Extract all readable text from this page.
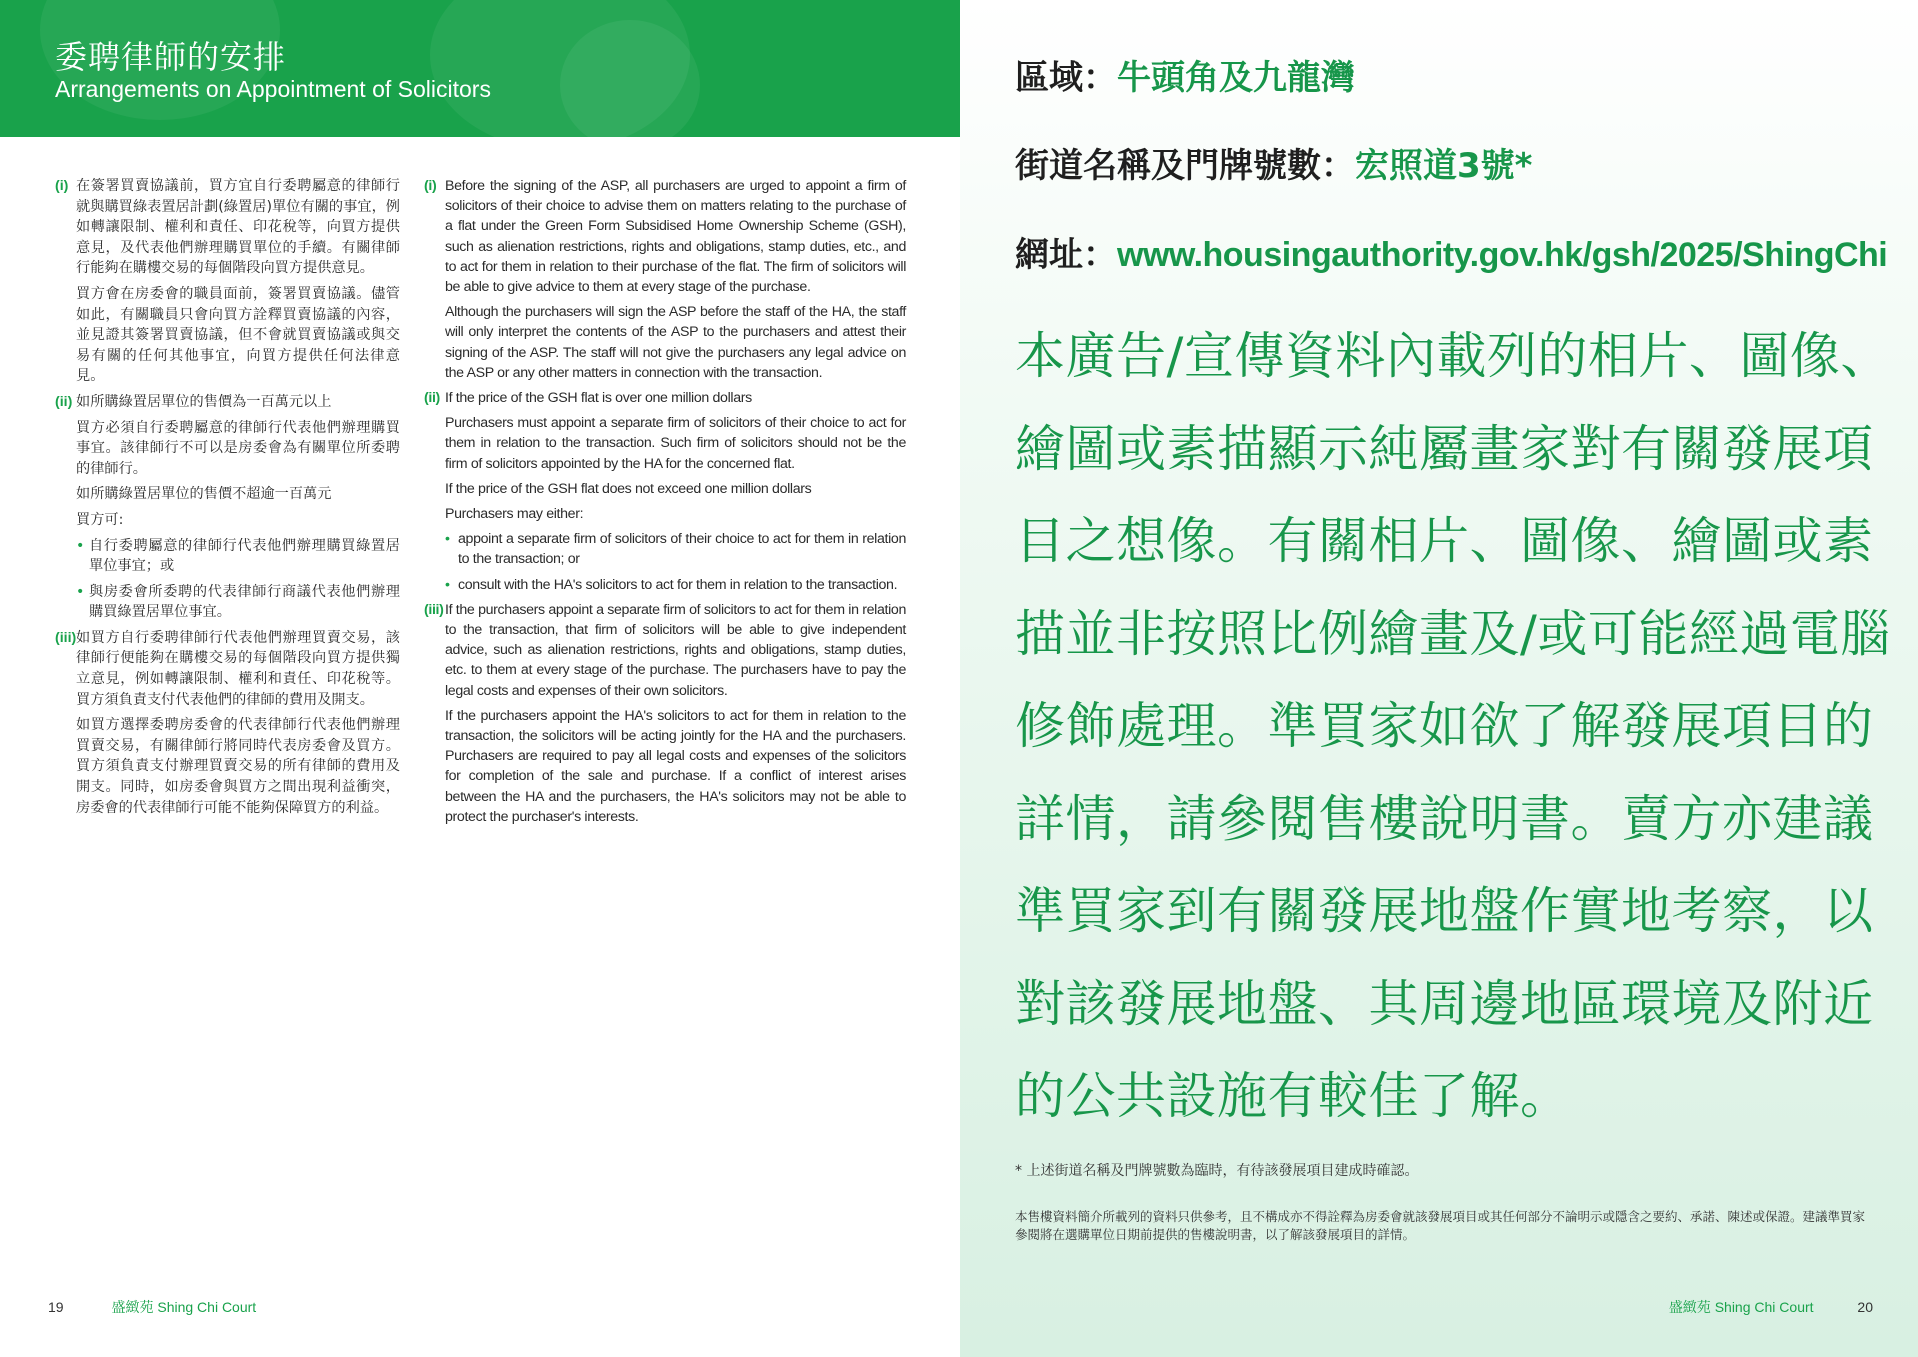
委聘律師的安排
Arrangements on Appointment of Solicitors
(i) 在簽署買賣協議前，買方宜自行委聘屬意的律師行就與購買綠表置居計劃(綠置居)單位有關的事宜，例如轉讓限制、權利和責任、印花稅等，向買方提供意見，及代表他們辦理購買單位的手續。有關律師行能夠在購樓交易的每個階段向買方提供意見。
買方會在房委會的職員面前，簽署買賣協議。儘管如此，有關職員只會向買方詮釋買賣協議的內容，並見證其簽署買賣協議，但不會就買賣協議或與交易有關的任何其他事宜，向買方提供任何法律意見。
(ii) 如所購綠置居單位的售價為一百萬元以上
買方必須自行委聘屬意的律師行代表他們辦理購買事宜。該律師行不可以是房委會為有關單位所委聘的律師行。
如所購綠置居單位的售價不超逾一百萬元
買方可:
• 自行委聘屬意的律師行代表他們辦理購買綠置居單位事宜；或
• 與房委會所委聘的代表律師行商議代表他們辦理購買綠置居單位事宜。
(iii) 如買方自行委聘律師行代表他們辦理買賣交易，該律師行便能夠在購樓交易的每個階段向買方提供獨立意見，例如轉讓限制、權利和責任、印花稅等。買方須負責支付代表他們的律師的費用及開支。
如買方選擇委聘房委會的代表律師行代表他們辦理買賣交易，有關律師行將同時代表房委會及買方。買方須負責支付辦理買賣交易的所有律師的費用及開支。同時，如房委會與買方之間出現利益衝突，房委會的代表律師行可能不能夠保障買方的利益。
(i) Before the signing of the ASP, all purchasers are urged to appoint a firm of solicitors of their choice to advise them on matters relating to the purchase of a flat under the Green Form Subsidised Home Ownership Scheme (GSH), such as alienation restrictions, rights and obligations, stamp duties, etc., and to act for them in relation to their purchase of the flat. The firm of solicitors will be able to give advice to them at every stage of the purchase.
Although the purchasers will sign the ASP before the staff of the HA, the staff will only interpret the contents of the ASP to the purchasers and attest their signing of the ASP. The staff will not give the purchasers any legal advice on the ASP or any other matters in connection with the transaction.
(ii) If the price of the GSH flat is over one million dollars
Purchasers must appoint a separate firm of solicitors of their choice to act for them in relation to the transaction. Such firm of solicitors should not be the firm of solicitors appointed by the HA for the concerned flat.
If the price of the GSH flat does not exceed one million dollars
Purchasers may either:
• appoint a separate firm of solicitors of their choice to act for them in relation to the transaction; or
• consult with the HA's solicitors to act for them in relation to the transaction.
(iii) If the purchasers appoint a separate firm of solicitors to act for them in relation to the transaction, that firm of solicitors will be able to give independent advice, such as alienation restrictions, rights and obligations, stamp duties, etc. to them at every stage of the purchase. The purchasers have to pay the legal costs and expenses of their own solicitors.
If the purchasers appoint the HA's solicitors to act for them in relation to the transaction, the solicitors will be acting jointly for the HA and the purchasers. Purchasers are required to pay all legal costs and expenses of the solicitors for completion of the sale and purchase. If a conflict of interest arises between the HA and the purchasers, the HA's solicitors may not be able to protect the purchaser's interests.
19	盛緻苑 Shing Chi Court
區域：牛頭角及九龍灣
街道名稱及門牌號數：宏照道3號*
網址：www.housingauthority.gov.hk/gsh/2025/ShingChi
本廣告/宣傳資料內載列的相片、圖像、繪圖或素描顯示純屬畫家對有關發展項目之想像。有關相片、圖像、繪圖或素描並非按照比例繪畫及/或可能經過電腦修飾處理。準買家如欲了解發展項目的詳情，請參閱售樓說明書。賣方亦建議準買家到有關發展地盤作實地考察，以對該發展地盤、其周邊地區環境及附近的公共設施有較佳了解。
* 上述街道名稱及門牌號數為臨時，有待該發展項目建成時確認。
本售樓資料簡介所載列的資料只供參考，且不構成亦不得詮釋為房委會就該發展項目或其任何部分不論明示或隱含之要約、承諾、陳述或保證。建議準買家參閱將在選購單位日期前提供的售樓說明書，以了解該發展項目的詳情。
盛緻苑 Shing Chi Court	20
